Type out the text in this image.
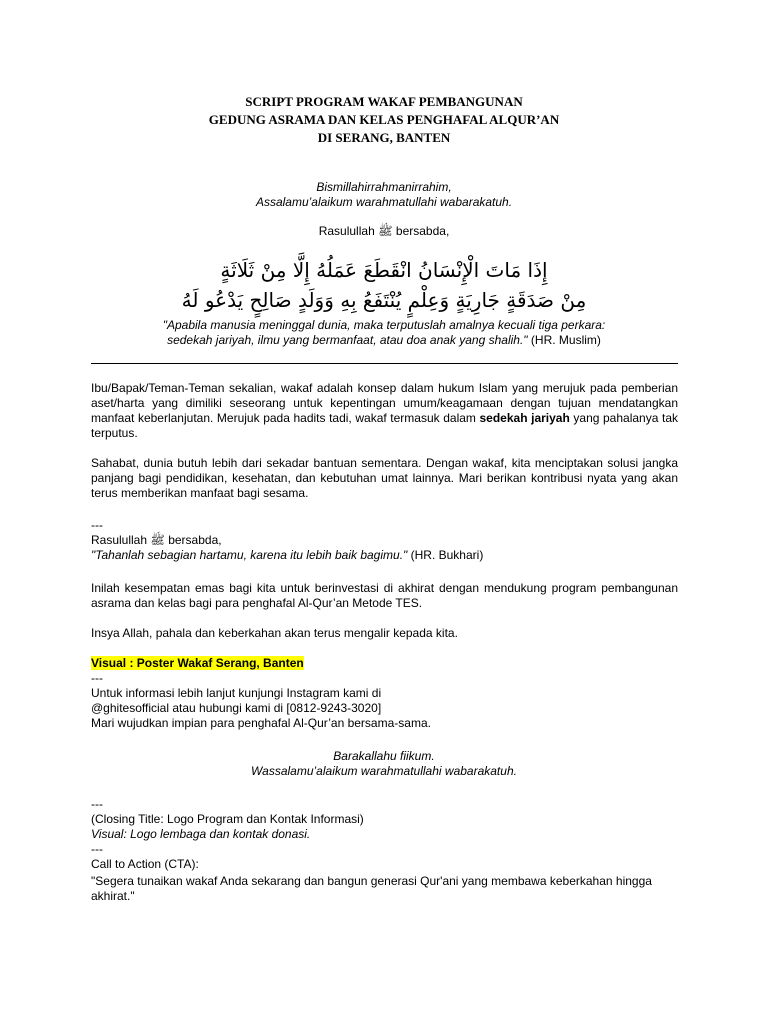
SCRIPT PROGRAM WAKAF PEMBANGUNAN
GEDUNG ASRAMA DAN KELAS PENGHAFAL ALQUR’AN
DI SERANG, BANTEN
Bismillahirrahmanirrahim,
Assalamu’alaikum warahmatullahi wabarakatuh.
Rasulullah ﷺ bersabda,
إِذَا مَاتَ الْإِنْسَانُ انْقَطَعَ عَمَلُهُ إِلَّا مِنْ ثَلَاثَةٍ
مِنْ صَدَقَةٍ جَارِيَةٍ وَعِلْمٍ يُنْتَفَعُ بِهِ وَوَلَدٍ صَالِحٍ يَدْعُو لَهُ
"Apabila manusia meninggal dunia, maka terputuslah amalnya kecuali tiga perkara:
sedekah jariyah, ilmu yang bermanfaat, atau doa anak yang shalih." (HR. Muslim)
Ibu/Bapak/Teman-Teman sekalian, wakaf adalah konsep dalam hukum Islam yang merujuk pada pemberian aset/harta yang dimiliki seseorang untuk kepentingan umum/keagamaan dengan tujuan mendatangkan manfaat keberlanjutan. Merujuk pada hadits tadi, wakaf termasuk dalam sedekah jariyah yang pahalanya tak terputus.
Sahabat, dunia butuh lebih dari sekadar bantuan sementara. Dengan wakaf, kita menciptakan solusi jangka panjang bagi pendidikan, kesehatan, dan kebutuhan umat lainnya. Mari berikan kontribusi nyata yang akan terus memberikan manfaat bagi sesama.
---
Rasulullah ﷺ bersabda,
"Tahanlah sebagian hartamu, karena itu lebih baik bagimu." (HR. Bukhari)
Inilah kesempatan emas bagi kita untuk berinvestasi di akhirat dengan mendukung program pembangunan asrama dan kelas bagi para penghafal Al-Qur’an Metode TES.
Insya Allah, pahala dan keberkahan akan terus mengalir kepada kita.
Visual : Poster Wakaf Serang, Banten
---
Untuk informasi lebih lanjut kunjungi Instagram kami di
@ghitesofficial atau hubungi kami di [0812-9243-3020]
Mari wujudkan impian para penghafal Al-Qur’an bersama-sama.
Barakallahu fiikum.
Wassalamu’alaikum warahmatullahi wabarakatuh.
---
(Closing Title: Logo Program dan Kontak Informasi)
Visual: Logo lembaga dan kontak donasi.
---
Call to Action (CTA):
"Segera tunaikan wakaf Anda sekarang dan bangun generasi Qur'ani yang membawa keberkahan hingga akhirat."
